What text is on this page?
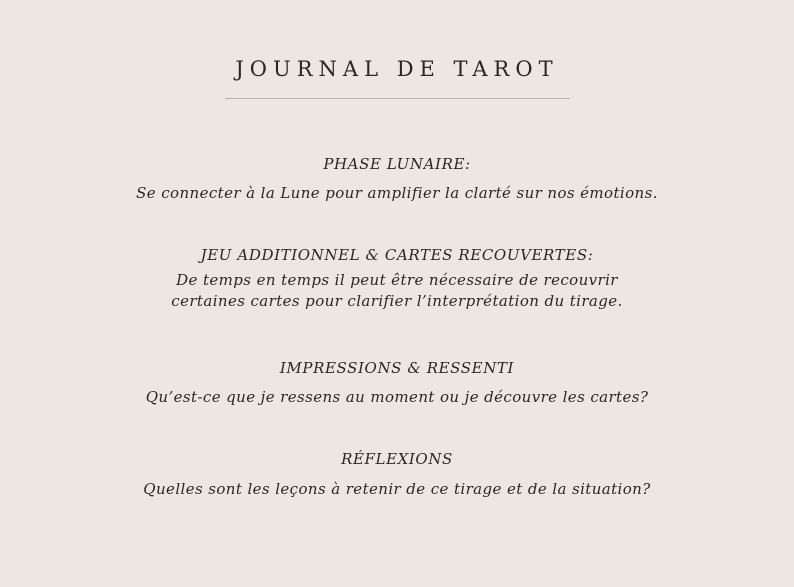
JOURNAL DE TAROT

PHASE LUNAIRE:

Se connecter à la Lune pour amplifier la clarté sur nos émotions.

JEU ADDITIONNEL & CARTES RECOUVERTES:

De temps en temps il peut être nécessaire de recouvrir

certaines cartes pour clarifier l’interprétation du tirage.

IMPRESSIONS & RESSENTI

Qu’est-ce que je ressens au moment ou je découvre les cartes?

RÉFLEXIONS

Quelles sont les leçons à retenir de ce tirage et de la situation?
